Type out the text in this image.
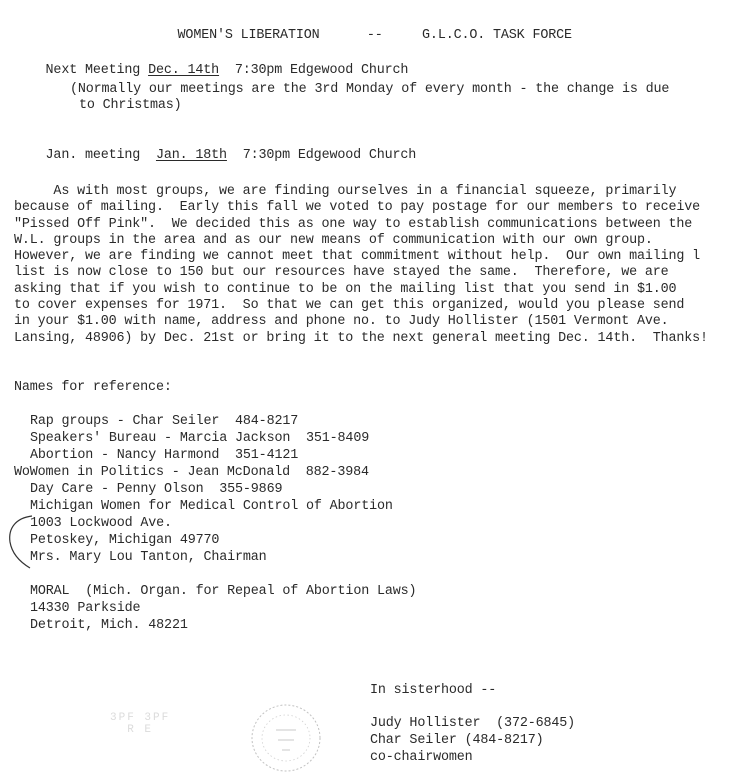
WOMEN'S LIBERATION	--	G.L.C.O. TASK FORCE

Next Meeting Dec. 14th  7:30pm Edgewood Church

(Normally our meetings are the 3rd Monday of every month - the change is due
to Christmas)

Jan. meeting  Jan. 18th  7:30pm Edgewood Church

As with most groups, we are finding ourselves in a financial squeeze, primarily
because of mailing.  Early this fall we voted to pay postage for our members to receive
"Pissed Off Pink".  We decided this as one way to establish communications between the
W.L. groups in the area and as our new means of communication with our own group.
However, we are finding we cannot meet that commitment without help.  Our own mailing l
list is now close to 150 but our resources have stayed the same.  Therefore, we are
asking that if you wish to continue to be on the mailing list that you send in $1.00
to cover expenses for 1971.  So that we can get this organized, would you please send
in your $1.00 with name, address and phone no. to Judy Hollister (1501 Vermont Ave.
Lansing, 48906) by Dec. 21st or bring it to the next general meeting Dec. 14th.  Thanks!
Names for reference:
Rap groups - Char Seiler  484-8217
Speakers' Bureau - Marcia Jackson  351-8409
Abortion - Nancy Harmond  351-4121
WoWomen in Politics - Jean McDonald  882-3984
Day Care - Penny Olson  355-9869
Michigan Women for Medical Control of Abortion
1003 Lockwood Ave.
Petoskey, Michigan 49770
Mrs. Mary Lou Tanton, Chairman
MORAL  (Mich. Organ. for Repeal of Abortion Laws)
14330 Parkside
Detroit, Mich. 48221
In sisterhood --
Judy Hollister  (372-6845)
Char Seiler (484-8217)
co-chairwomen
3PF 3PF
R E
